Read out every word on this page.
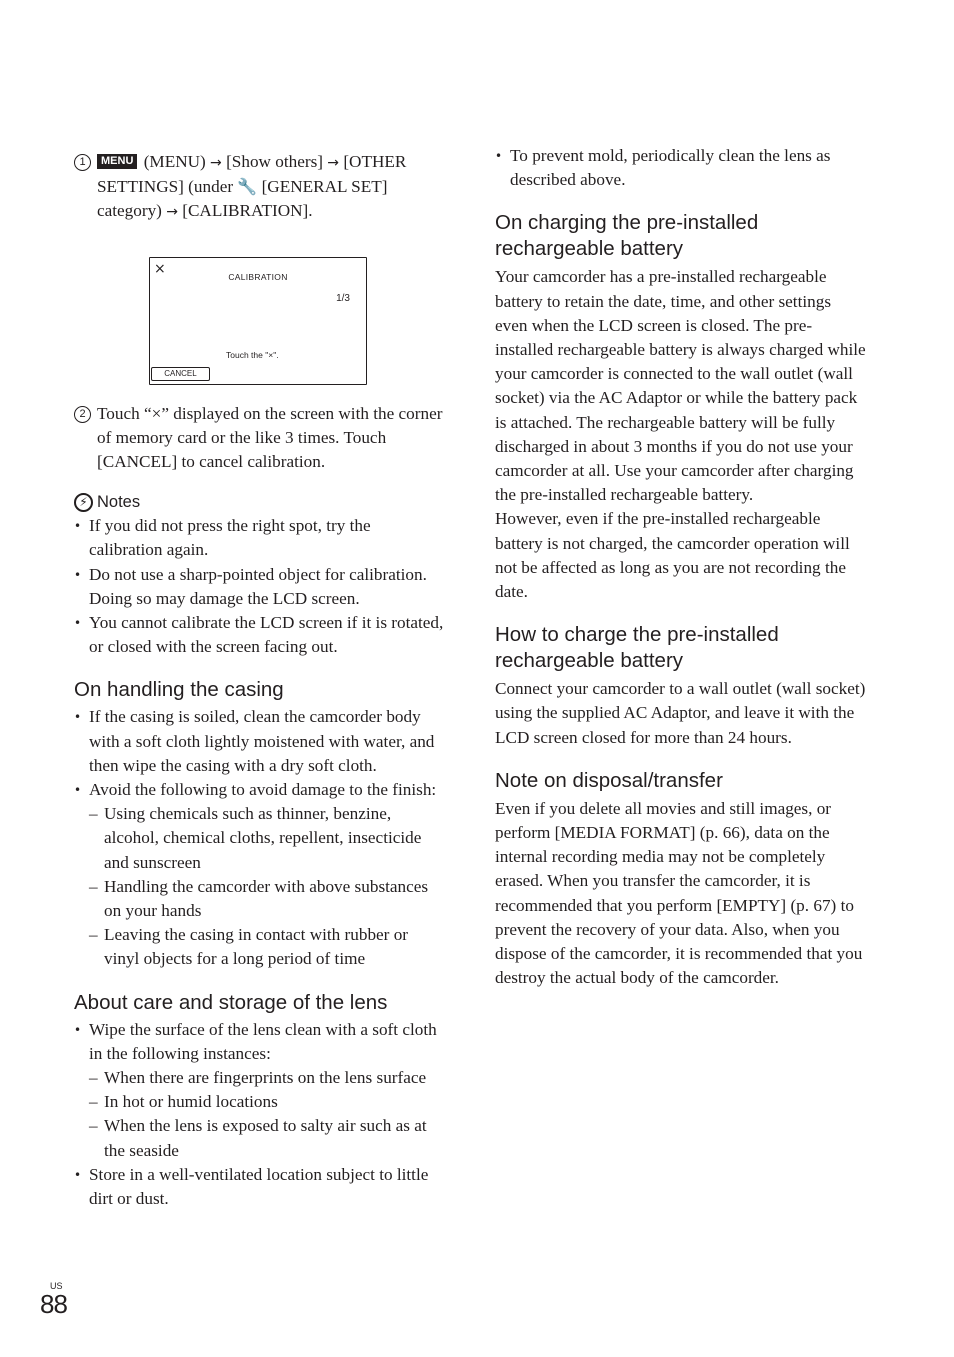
1	MENU (MENU) → [Show others] → [OTHER SETTINGS] (under 🔧 [GENERAL SET] category) → [CALIBRATION].
×	CALIBRATION
1/3
Touch the "×".
CANCEL
2 Touch “×” displayed on the screen with the corner of memory card or the like 3 times. Touch [CANCEL] to cancel calibration.
⚡ Notes
• If you did not press the right spot, try the calibration again.
• Do not use a sharp-pointed object for calibration. Doing so may damage the LCD screen.
• You cannot calibrate the LCD screen if it is rotated, or closed with the screen facing out.
On handling the casing
• If the casing is soiled, clean the camcorder body with a soft cloth lightly moistened with water, and then wipe the casing with a dry soft cloth.
• Avoid the following to avoid damage to the finish:
– Using chemicals such as thinner, benzine, alcohol, chemical cloths, repellent, insecticide and sunscreen
– Handling the camcorder with above substances on your hands
– Leaving the casing in contact with rubber or vinyl objects for a long period of time
About care and storage of the lens
• Wipe the surface of the lens clean with a soft cloth in the following instances:
– When there are fingerprints on the lens surface
– In hot or humid locations
– When the lens is exposed to salty air such as at the seaside
• Store in a well-ventilated location subject to little dirt or dust.
• To prevent mold, periodically clean the lens as described above.
On charging the pre-installed rechargeable battery

Your camcorder has a pre-installed rechargeable battery to retain the date, time, and other settings even when the LCD screen is closed. The pre-installed rechargeable battery is always charged while your camcorder is connected to the wall outlet (wall socket) via the AC Adaptor or while the battery pack is attached. The rechargeable battery will be fully discharged in about 3 months if you do not use your camcorder at all. Use your camcorder after charging the pre-installed rechargeable battery.

However, even if the pre-installed rechargeable battery is not charged, the camcorder operation will not be affected as long as you are not recording the date.

How to charge the pre-installed rechargeable battery

Connect your camcorder to a wall outlet (wall socket) using the supplied AC Adaptor, and leave it with the LCD screen closed for more than 24 hours.

Note on disposal/transfer

Even if you delete all movies and still images, or perform [MEDIA FORMAT] (p. 66), data on the internal recording media may not be completely erased. When you transfer the camcorder, it is recommended that you perform [EMPTY] (p. 67) to prevent the recovery of your data. Also, when you dispose of the camcorder, it is recommended that you destroy the actual body of the camcorder.

US
88
